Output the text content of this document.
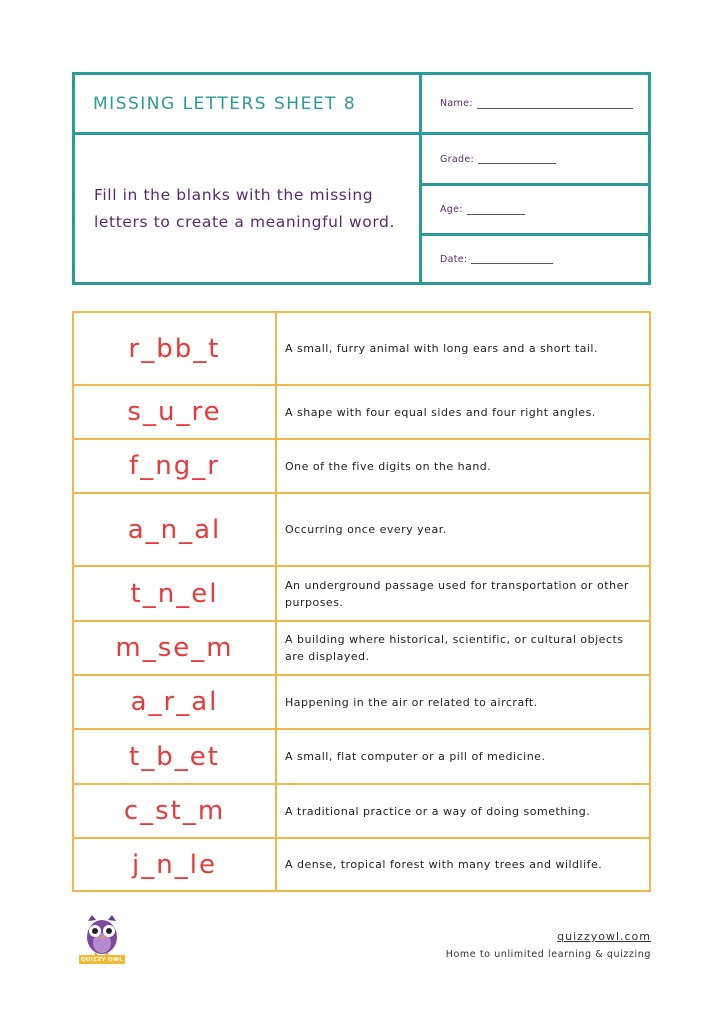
MISSING LETTERS SHEET 8

Fill in the blanks with the missing letters to create a meaningful word.

Name:
Grade:
Age:
Date:
r_bb_t	A small, furry animal with long ears and a short tail.
s_u_re	A shape with four equal sides and four right angles.
f_ng_r	One of the five digits on the hand.
a_n_al	Occurring once every year.
t_n_el	An underground passage used for transportation or other purposes.
m_se_m	A building where historical, scientific, or cultural objects are displayed.
a_r_al	Happening in the air or related to aircraft.
t_b_et	A small, flat computer or a pill of medicine.
c_st_m	A traditional practice or a way of doing something.
j_n_le	A dense, tropical forest with many trees and wildlife.
QUIZZY OWL
quizzyowl.com
Home to unlimited learning & quizzing
